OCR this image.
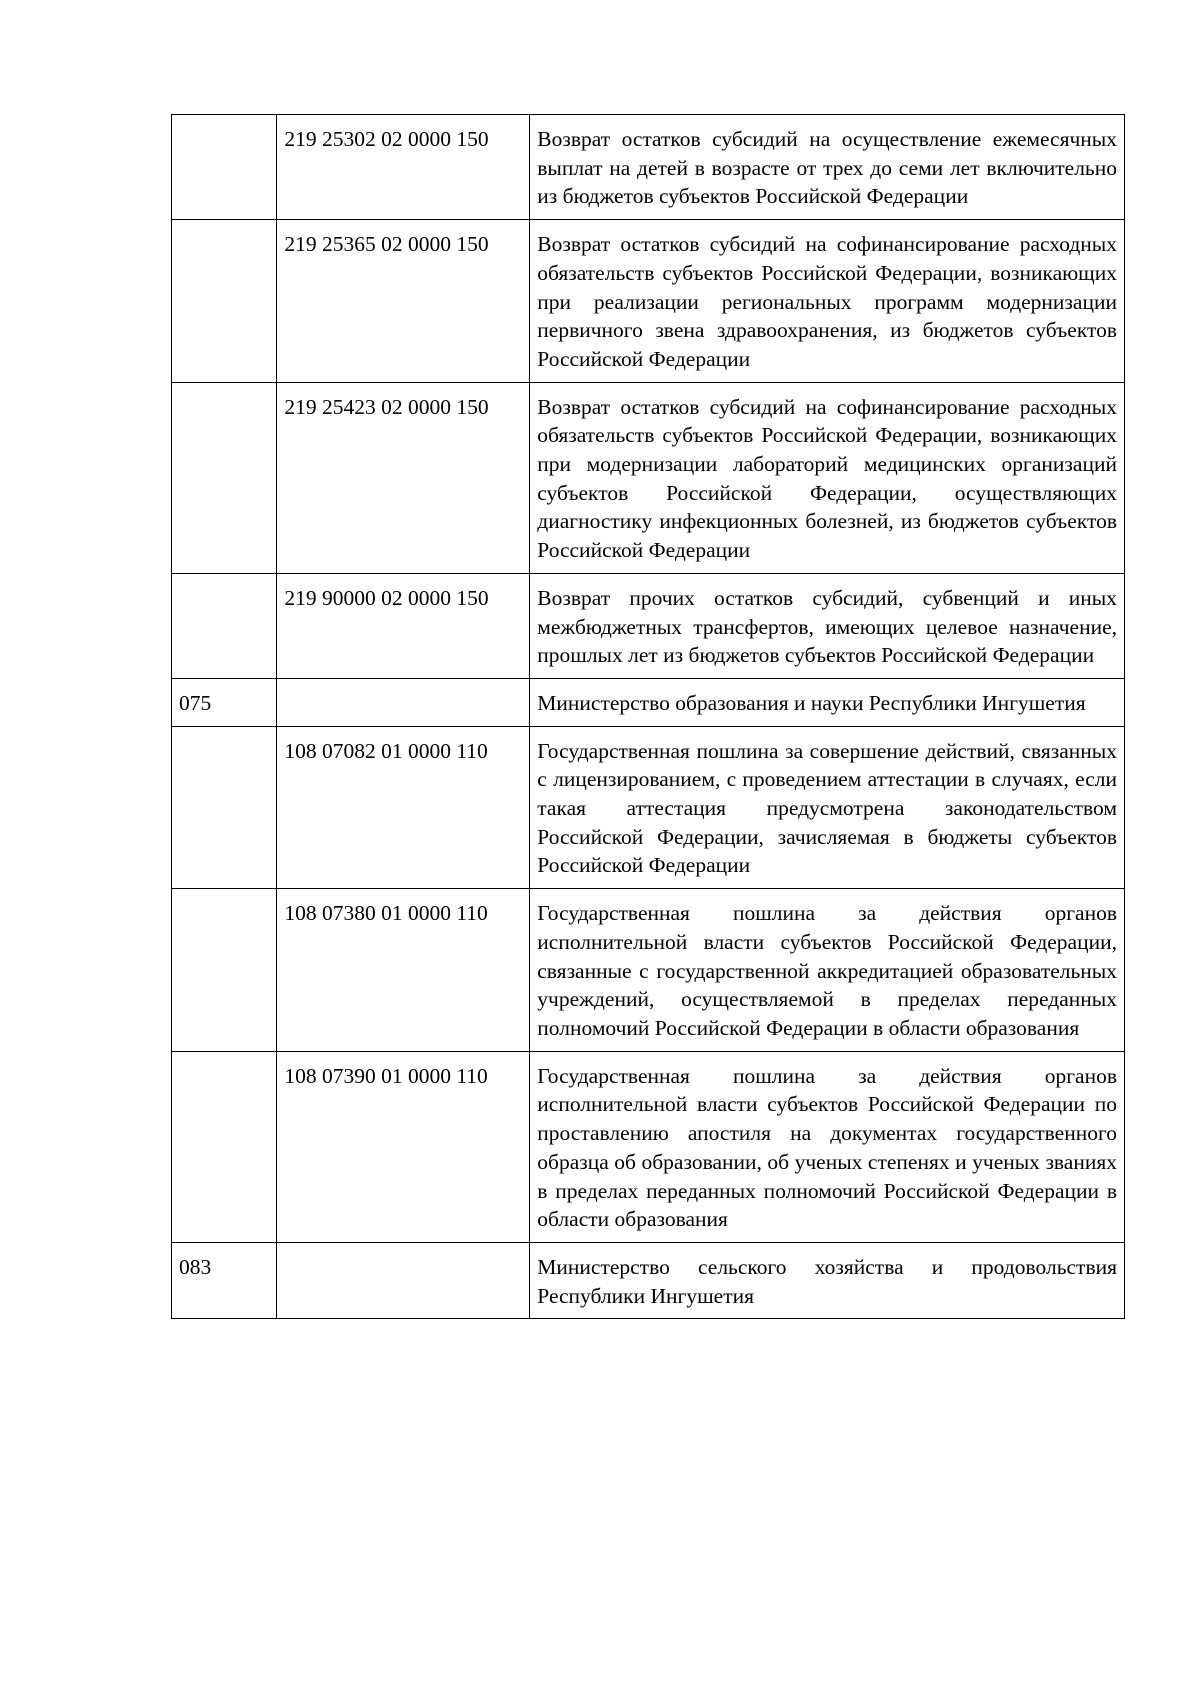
	219 25302 02 0000 150	Возврат остатков субсидий на осуществление ежемесячных выплат на детей в возрасте от трех до семи лет включительно из бюджетов субъектов Российской Федерации
	219 25365 02 0000 150	Возврат остатков субсидий на софинансирование расходных обязательств субъектов Российской Федерации, возникающих при реализации региональных программ модернизации первичного звена здравоохранения, из бюджетов субъектов Российской Федерации
	219 25423 02 0000 150	Возврат остатков субсидий на софинансирование расходных обязательств субъектов Российской Федерации, возникающих при модернизации лабораторий медицинских организаций субъектов Российской Федерации, осуществляющих диагностику инфекционных болезней, из бюджетов субъектов Российской Федерации
	219 90000 02 0000 150	Возврат прочих остатков субсидий, субвенций и иных межбюджетных трансфертов, имеющих целевое назначение, прошлых лет из бюджетов субъектов Российской Федерации
075		Министерство образования и науки Республики Ингушетия
	108 07082 01 0000 110	Государственная пошлина за совершение действий, связанных с лицензированием, с проведением аттестации в случаях, если такая аттестация предусмотрена законодательством Российской Федерации, зачисляемая в бюджеты субъектов Российской Федерации
	108 07380 01 0000 110	Государственная пошлина за действия органов исполнительной власти субъектов Российской Федерации, связанные с государственной аккредитацией образовательных учреждений, осуществляемой в пределах переданных полномочий Российской Федерации в области образования
	108 07390 01 0000 110	Государственная пошлина за действия органов исполнительной власти субъектов Российской Федерации по проставлению апостиля на документах государственного образца об образовании, об ученых степенях и ученых званиях в пределах переданных полномочий Российской Федерации в области образования
083		Министерство сельского хозяйства и продовольствия Республики Ингушетия
